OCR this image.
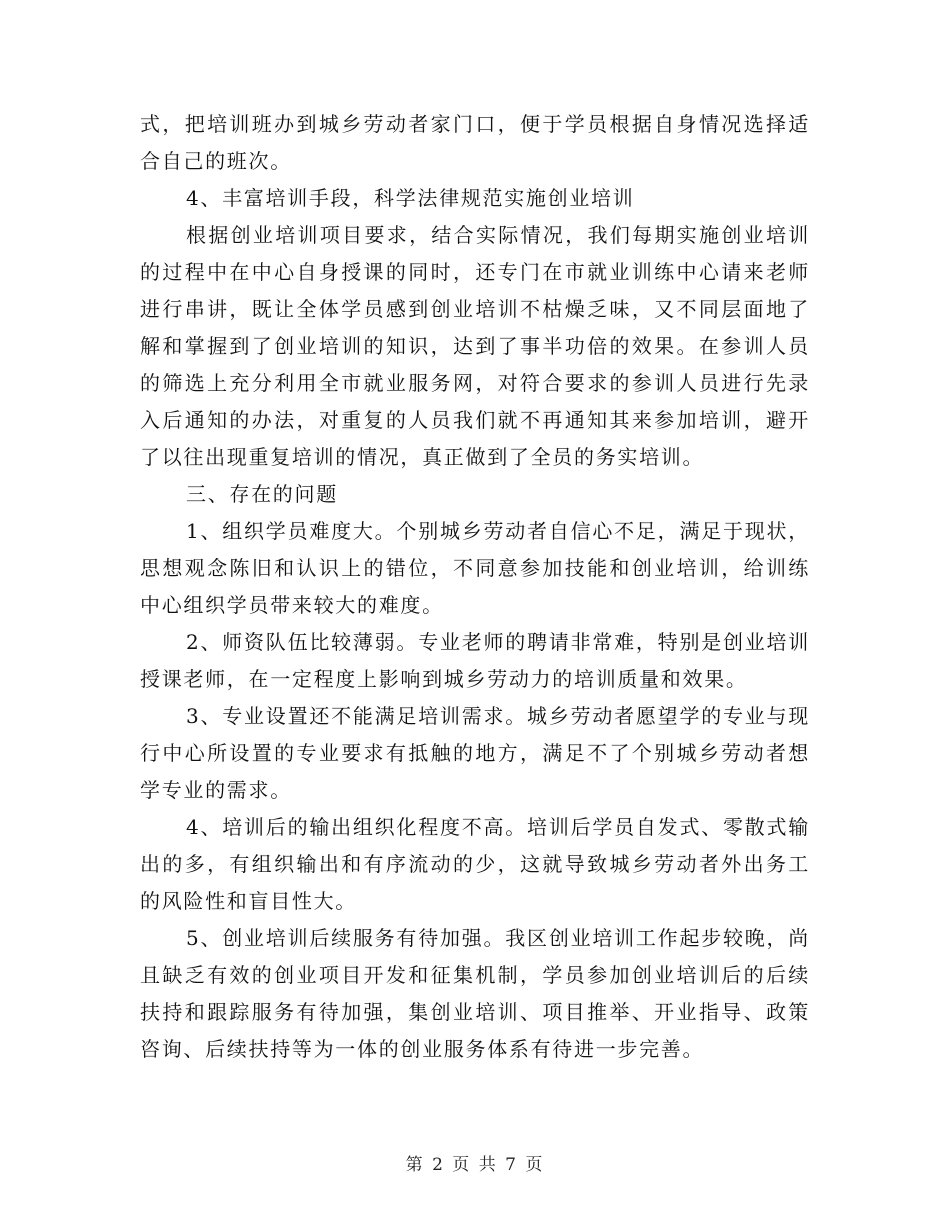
式，把培训班办到城乡劳动者家门口，便于学员根据自身情况选择适合自己的班次。

4、丰富培训手段，科学法律规范实施创业培训

根据创业培训项目要求，结合实际情况，我们每期实施创业培训的过程中在中心自身授课的同时，还专门在市就业训练中心请来老师进行串讲，既让全体学员感到创业培训不枯燥乏味，又不同层面地了解和掌握到了创业培训的知识，达到了事半功倍的效果。在参训人员的筛选上充分利用全市就业服务网，对符合要求的参训人员进行先录入后通知的办法，对重复的人员我们就不再通知其来参加培训，避开了以往出现重复培训的情况，真正做到了全员的务实培训。

三、存在的问题

1、组织学员难度大。个别城乡劳动者自信心不足，满足于现状，思想观念陈旧和认识上的错位，不同意参加技能和创业培训，给训练中心组织学员带来较大的难度。

2、师资队伍比较薄弱。专业老师的聘请非常难，特别是创业培训授课老师，在一定程度上影响到城乡劳动力的培训质量和效果。

3、专业设置还不能满足培训需求。城乡劳动者愿望学的专业与现行中心所设置的专业要求有抵触的地方，满足不了个别城乡劳动者想学专业的需求。

4、培训后的输出组织化程度不高。培训后学员自发式、零散式输出的多，有组织输出和有序流动的少，这就导致城乡劳动者外出务工的风险性和盲目性大。

5、创业培训后续服务有待加强。我区创业培训工作起步较晚，尚且缺乏有效的创业项目开发和征集机制，学员参加创业培训后的后续扶持和跟踪服务有待加强，集创业培训、项目推举、开业指导、政策咨询、后续扶持等为一体的创业服务体系有待进一步完善。

第 2 页 共 7 页
